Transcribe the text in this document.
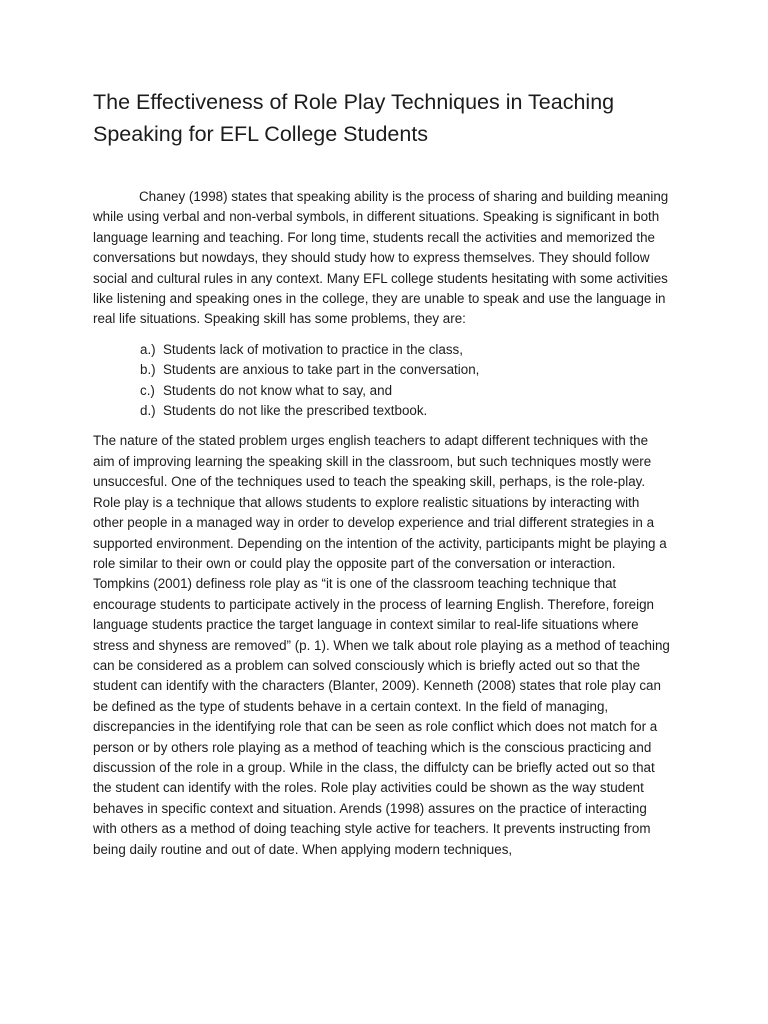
The Effectiveness of Role Play Techniques in Teaching
Speaking for EFL College Students

Chaney (1998) states that speaking ability is the process of sharing and building meaning while using verbal and non-verbal symbols, in different situations. Speaking is significant in both language learning and teaching. For long time, students recall the activities and memorized the conversations but nowdays, they should study how to express themselves. They should follow social and cultural rules in any context. Many EFL college students hesitating with some activities like listening and speaking ones in the college, they are unable to speak and use the language in real life situations. Speaking skill has some problems, they are:

a.) Students lack of motivation to practice in the class,
b.) Students are anxious to take part in the conversation,
c.) Students do not know what to say, and
d.) Students do not like the prescribed textbook.

The nature of the stated problem urges english teachers to adapt different techniques with the aim of improving learning the speaking skill in the classroom, but such techniques mostly were unsuccesful. One of the techniques used to teach the speaking skill, perhaps, is the role-play. Role play is a technique that allows students to explore realistic situations by interacting with other people in a managed way in order to develop experience and trial different strategies in a supported environment. Depending on the intention of the activity, participants might be playing a role similar to their own or could play the opposite part of the conversation or interaction. Tompkins (2001) definess role play as “it is one of the classroom teaching technique that encourage students to participate actively in the process of learning English. Therefore, foreign language students practice the target language in context similar to real-life situations where stress and shyness are removed” (p. 1). When we talk about role playing as a method of teaching can be considered as a problem can solved consciously which is briefly acted out so that the student can identify with the characters (Blanter, 2009). Kenneth (2008) states that role play can be defined as the type of students behave in a certain context. In the field of managing, discrepancies in the identifying role that can be seen as role conflict which does not match for a person or by others role playing as a method of teaching which is the conscious practicing and discussion of the role in a group. While in the class, the diffulcty can be briefly acted out so that the student can identify with the roles. Role play activities could be shown as the way student behaves in specific context and situation. Arends (1998) assures on the practice of interacting with others as a method of doing teaching style active for teachers. It prevents instructing from being daily routine and out of date. When applying modern techniques,
